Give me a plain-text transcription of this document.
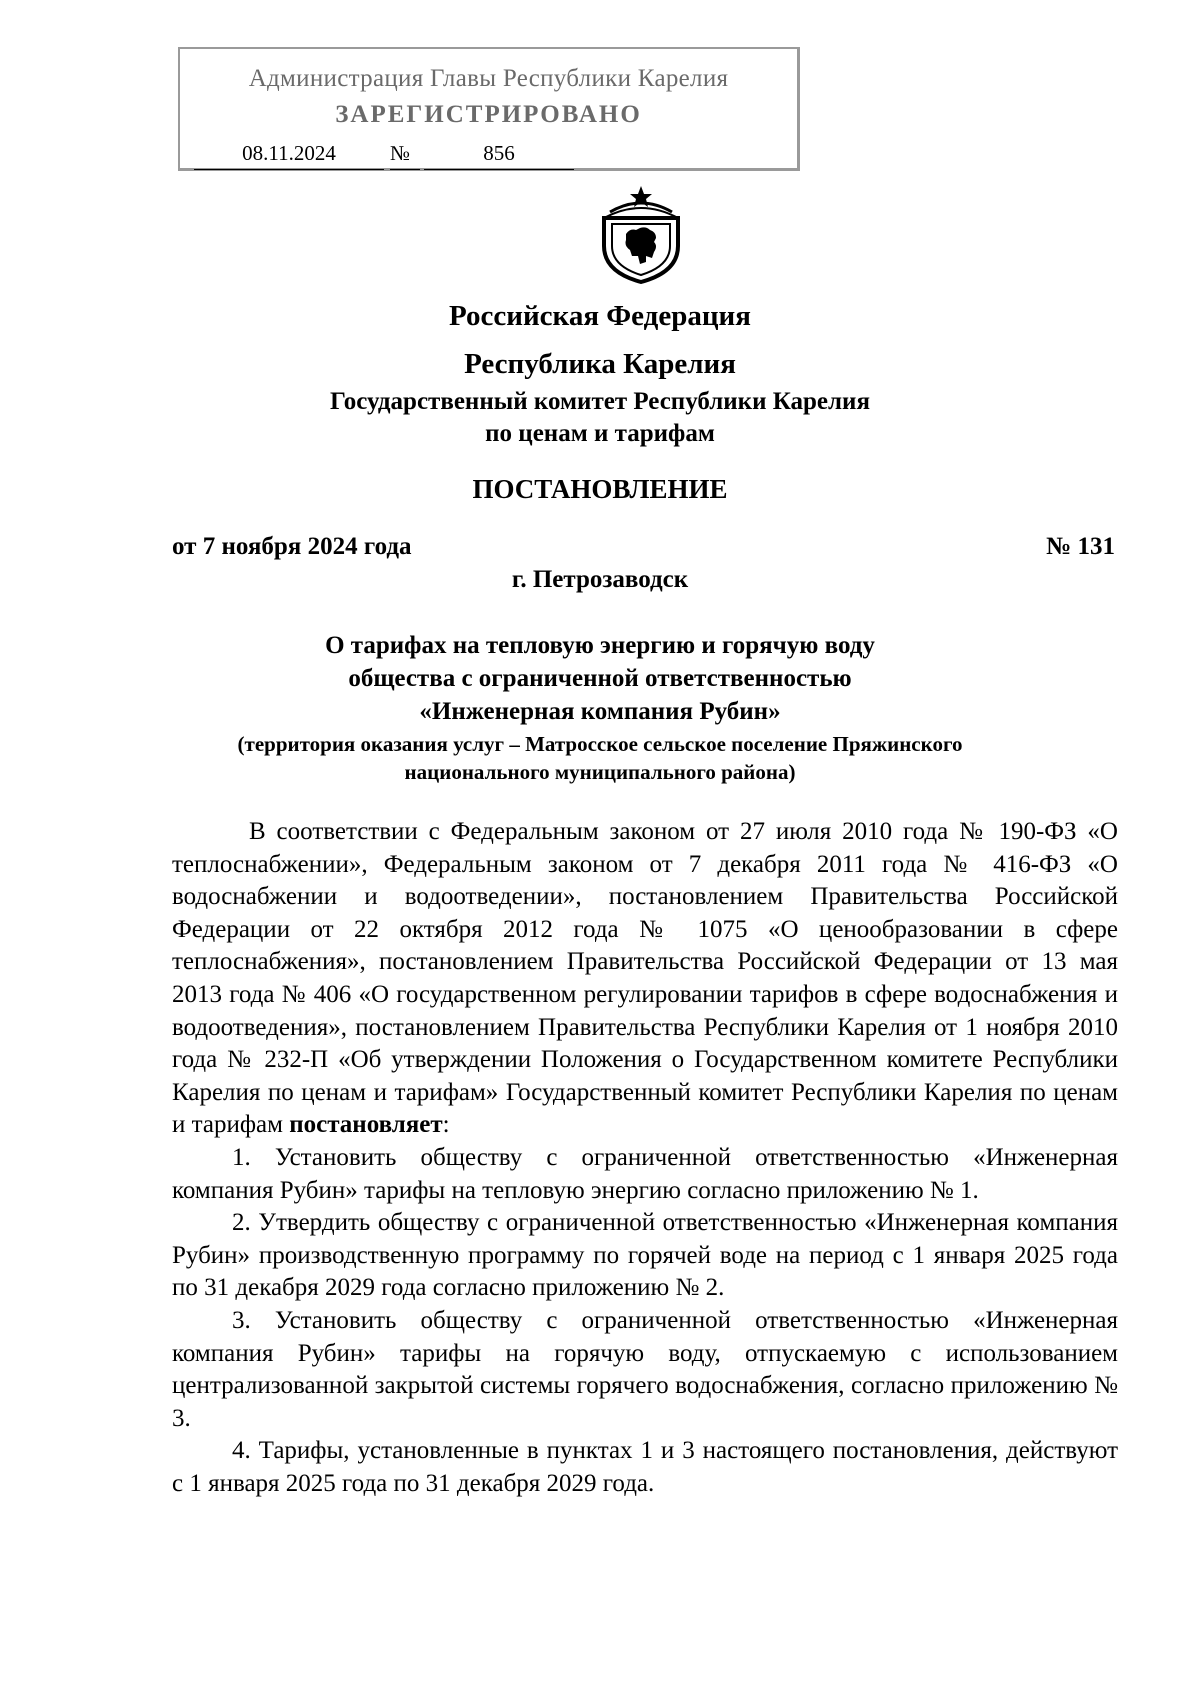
Администрация Главы Республики Карелия
ЗАРЕГИСТРИРОВАНО
08.11.2024	№	856
Российская Федерация
Республика Карелия
Государственный комитет Республики Карелия
по ценам и тарифам
ПОСТАНОВЛЕНИЕ
от 7 ноября 2024 года	№ 131
г. Петрозаводск
О тарифах на тепловую энергию и горячую воду
общества с ограниченной ответственностью
«Инженерная компания Рубин»
(территория оказания услуг – Матросское сельское поселение Пряжинского
национального муниципального района)

В соответствии с Федеральным законом от 27 июля 2010 года № 190-ФЗ «О теплоснабжении», Федеральным законом от 7 декабря 2011 года № 416-ФЗ «О водоснабжении и водоотведении», постановлением Правительства Российской Федерации от 22 октября 2012 года № 1075 «О ценообразовании в сфере теплоснабжения», постановлением Правительства Российской Федерации от 13 мая 2013 года № 406 «О государственном регулировании тарифов в сфере водоснабжения и водоотведения», постановлением Правительства Республики Карелия от 1 ноября 2010 года № 232-П «Об утверждении Положения о Государственном комитете Республики Карелия по ценам и тарифам» Государственный комитет Республики Карелия по ценам и тарифам постановляет:

1. Установить обществу с ограниченной ответственностью «Инженерная компания Рубин» тарифы на тепловую энергию согласно приложению № 1.

2. Утвердить обществу с ограниченной ответственностью «Инженерная компания Рубин» производственную программу по горячей воде на период с 1 января 2025 года по 31 декабря 2029 года согласно приложению № 2.

3. Установить обществу с ограниченной ответственностью «Инженерная компания Рубин» тарифы на горячую воду, отпускаемую с использованием централизованной закрытой системы горячего водоснабжения, согласно приложению № 3.

4. Тарифы, установленные в пунктах 1 и 3 настоящего постановления, действуют с 1 января 2025 года по 31 декабря 2029 года.
